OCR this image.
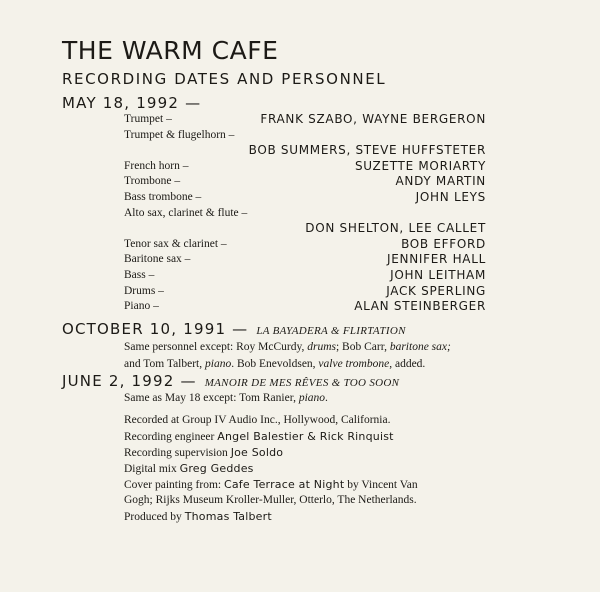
THE WARM CAFE
RECORDING DATES AND PERSONNEL
MAY 18, 1992 —
Trumpet –	FRANK SZABO, WAYNE BERGERON
Trumpet & flugelhorn –
BOB SUMMERS, STEVE HUFFSTETER
French horn –	SUZETTE MORIARTY
Trombone –	ANDY MARTIN
Bass trombone –	JOHN LEYS
Alto sax, clarinet & flute –
DON SHELTON, LEE CALLET
Tenor sax & clarinet –	BOB EFFORD
Baritone sax –	JENNIFER HALL
Bass –	JOHN LEITHAM
Drums –	JACK SPERLING
Piano –	ALAN STEINBERGER
OCTOBER 10, 1991 — LA BAYADERA & FLIRTATION
Same personnel except: Roy McCurdy, drums; Bob Carr, baritone sax;
and Tom Talbert, piano. Bob Enevoldsen, valve trombone, added.
JUNE 2, 1992 — MANOIR DE MES RÊVES & TOO SOON
Same as May 18 except: Tom Ranier, piano.
Recorded at Group IV Audio Inc., Hollywood, California.
Recording engineer Angel Balestier & Rick Rinquist
Recording supervision Joe Soldo
Digital mix Greg Geddes
Cover painting from: Cafe Terrace at Night by Vincent Van
Gogh; Rijks Museum Kroller-Muller, Otterlo, The Netherlands.
Produced by Thomas Talbert
